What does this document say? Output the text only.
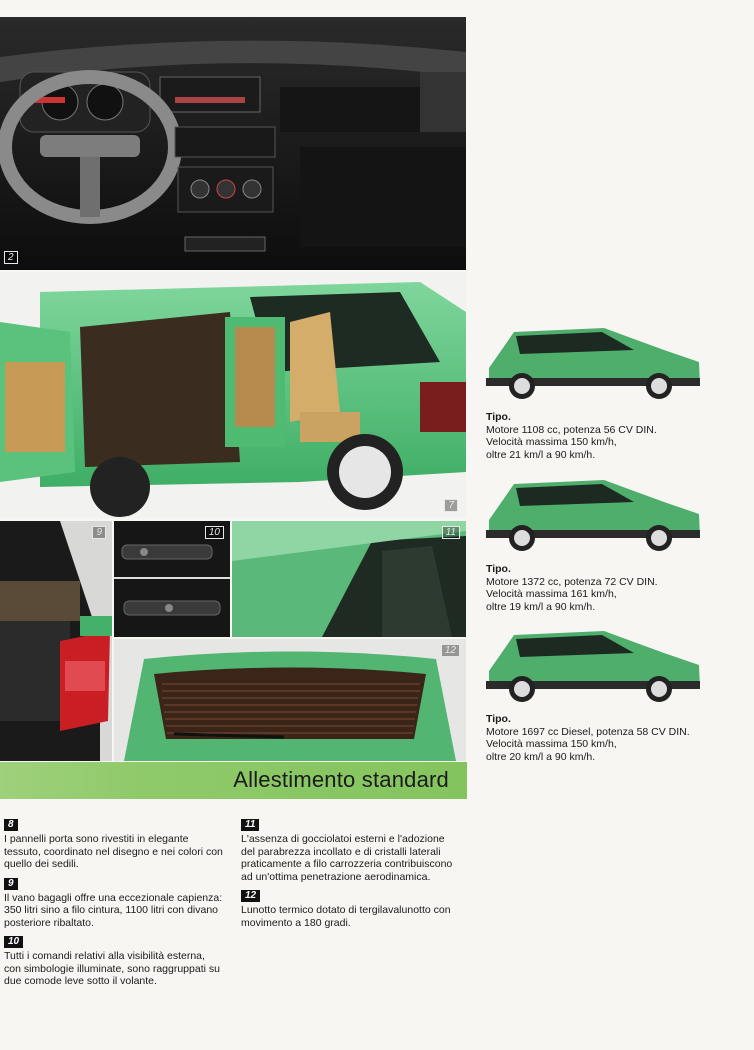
2
7
9	10	11
12
Allestimento standard
Tipo.
Motore 1108 cc, potenza 56 CV DIN.
Velocità massima 150 km/h,
oltre 21 km/l a 90 km/h.
Tipo.
Motore 1372 cc, potenza 72 CV DIN.
Velocità massima 161 km/h,
oltre 19 km/l a 90 km/h.
Tipo.
Motore 1697 cc Diesel, potenza 58 CV DIN.
Velocità massima 150 km/h,
oltre 20 km/l a 90 km/h.
8
I pannelli porta sono rivestiti in elegante tessuto, coordinato nel disegno e nei colori con quello dei sedili.
9
Il vano bagagli offre una eccezionale capienza: 350 litri sino a filo cintura, 1100 litri con divano posteriore ribaltato.
10
Tutti i comandi relativi alla visibilità esterna, con simbologie illuminate, sono raggruppati su due comode leve sotto il volante.
11
L'assenza di gocciolatoi esterni e l'adozione del parabrezza incollato e di cristalli laterali praticamente a filo carrozzeria contribuiscono ad un'ottima penetrazione aerodinamica.
12
Lunotto termico dotato di tergilavalunotto con movimento a 180 gradi.
